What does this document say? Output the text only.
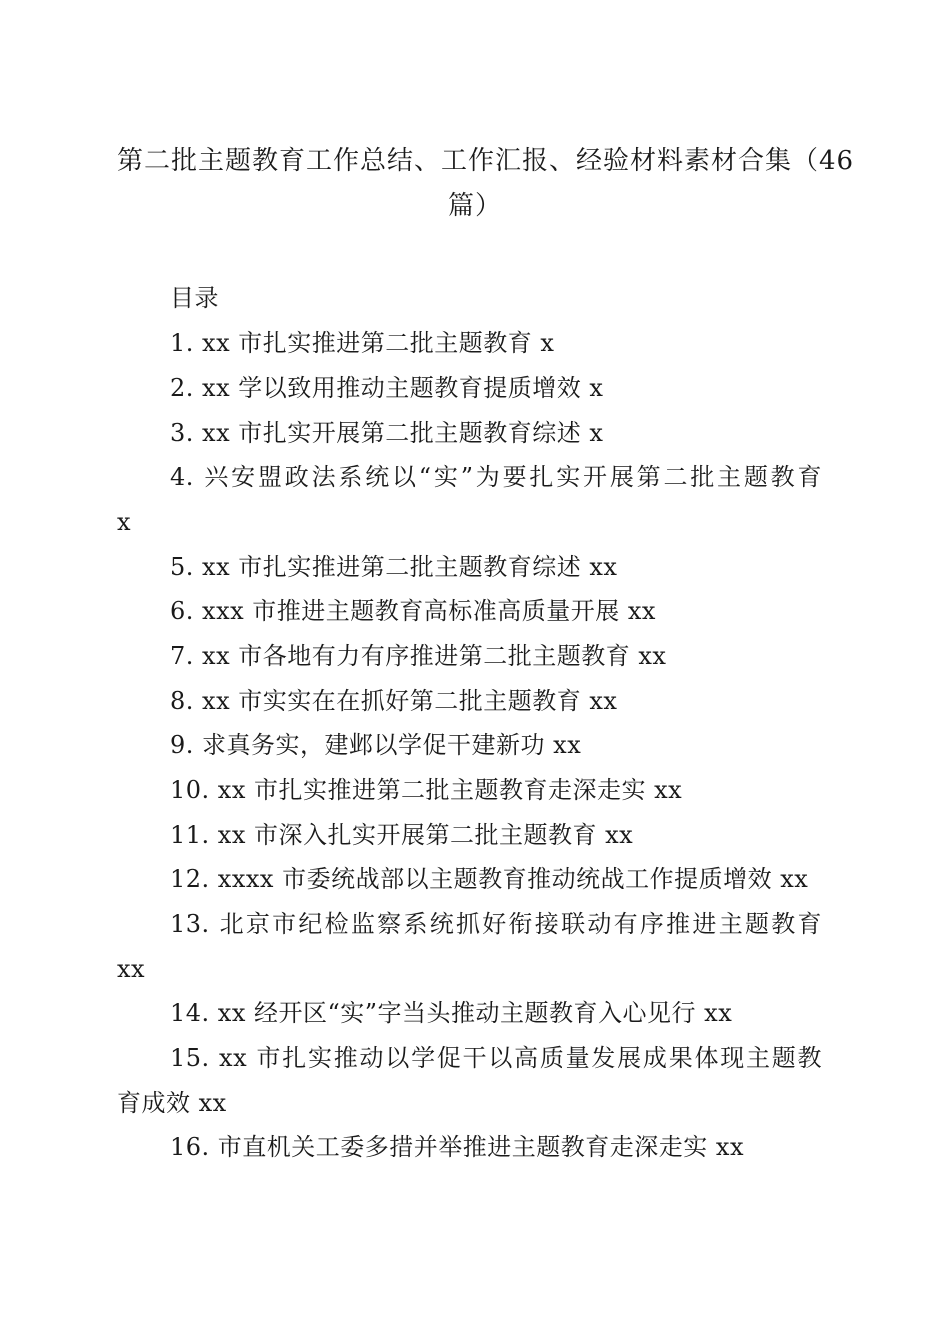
第二批主题教育工作总结、工作汇报、经验材料素材合集（46
篇）
目录
1. xx 市扎实推进第二批主题教育 x
2. xx 学以致用推动主题教育提质增效 x
3. xx 市扎实开展第二批主题教育综述 x
4. 兴安盟政法系统以“实”为要扎实开展第二批主题教育
x
5. xx 市扎实推进第二批主题教育综述 xx
6. xxx 市推进主题教育高标准高质量开展 xx
7. xx 市各地有力有序推进第二批主题教育 xx
8. xx 市实实在在抓好第二批主题教育 xx
9. 求真务实，建邺以学促干建新功 xx
10. xx 市扎实推进第二批主题教育走深走实 xx
11. xx 市深入扎实开展第二批主题教育 xx
12. xxxx 市委统战部以主题教育推动统战工作提质增效 xx
13. 北京市纪检监察系统抓好衔接联动有序推进主题教育
xx
14. xx 经开区“实”字当头推动主题教育入心见行 xx
15. xx 市扎实推动以学促干以高质量发展成果体现主题教
育成效 xx
16. 市直机关工委多措并举推进主题教育走深走实 xx
